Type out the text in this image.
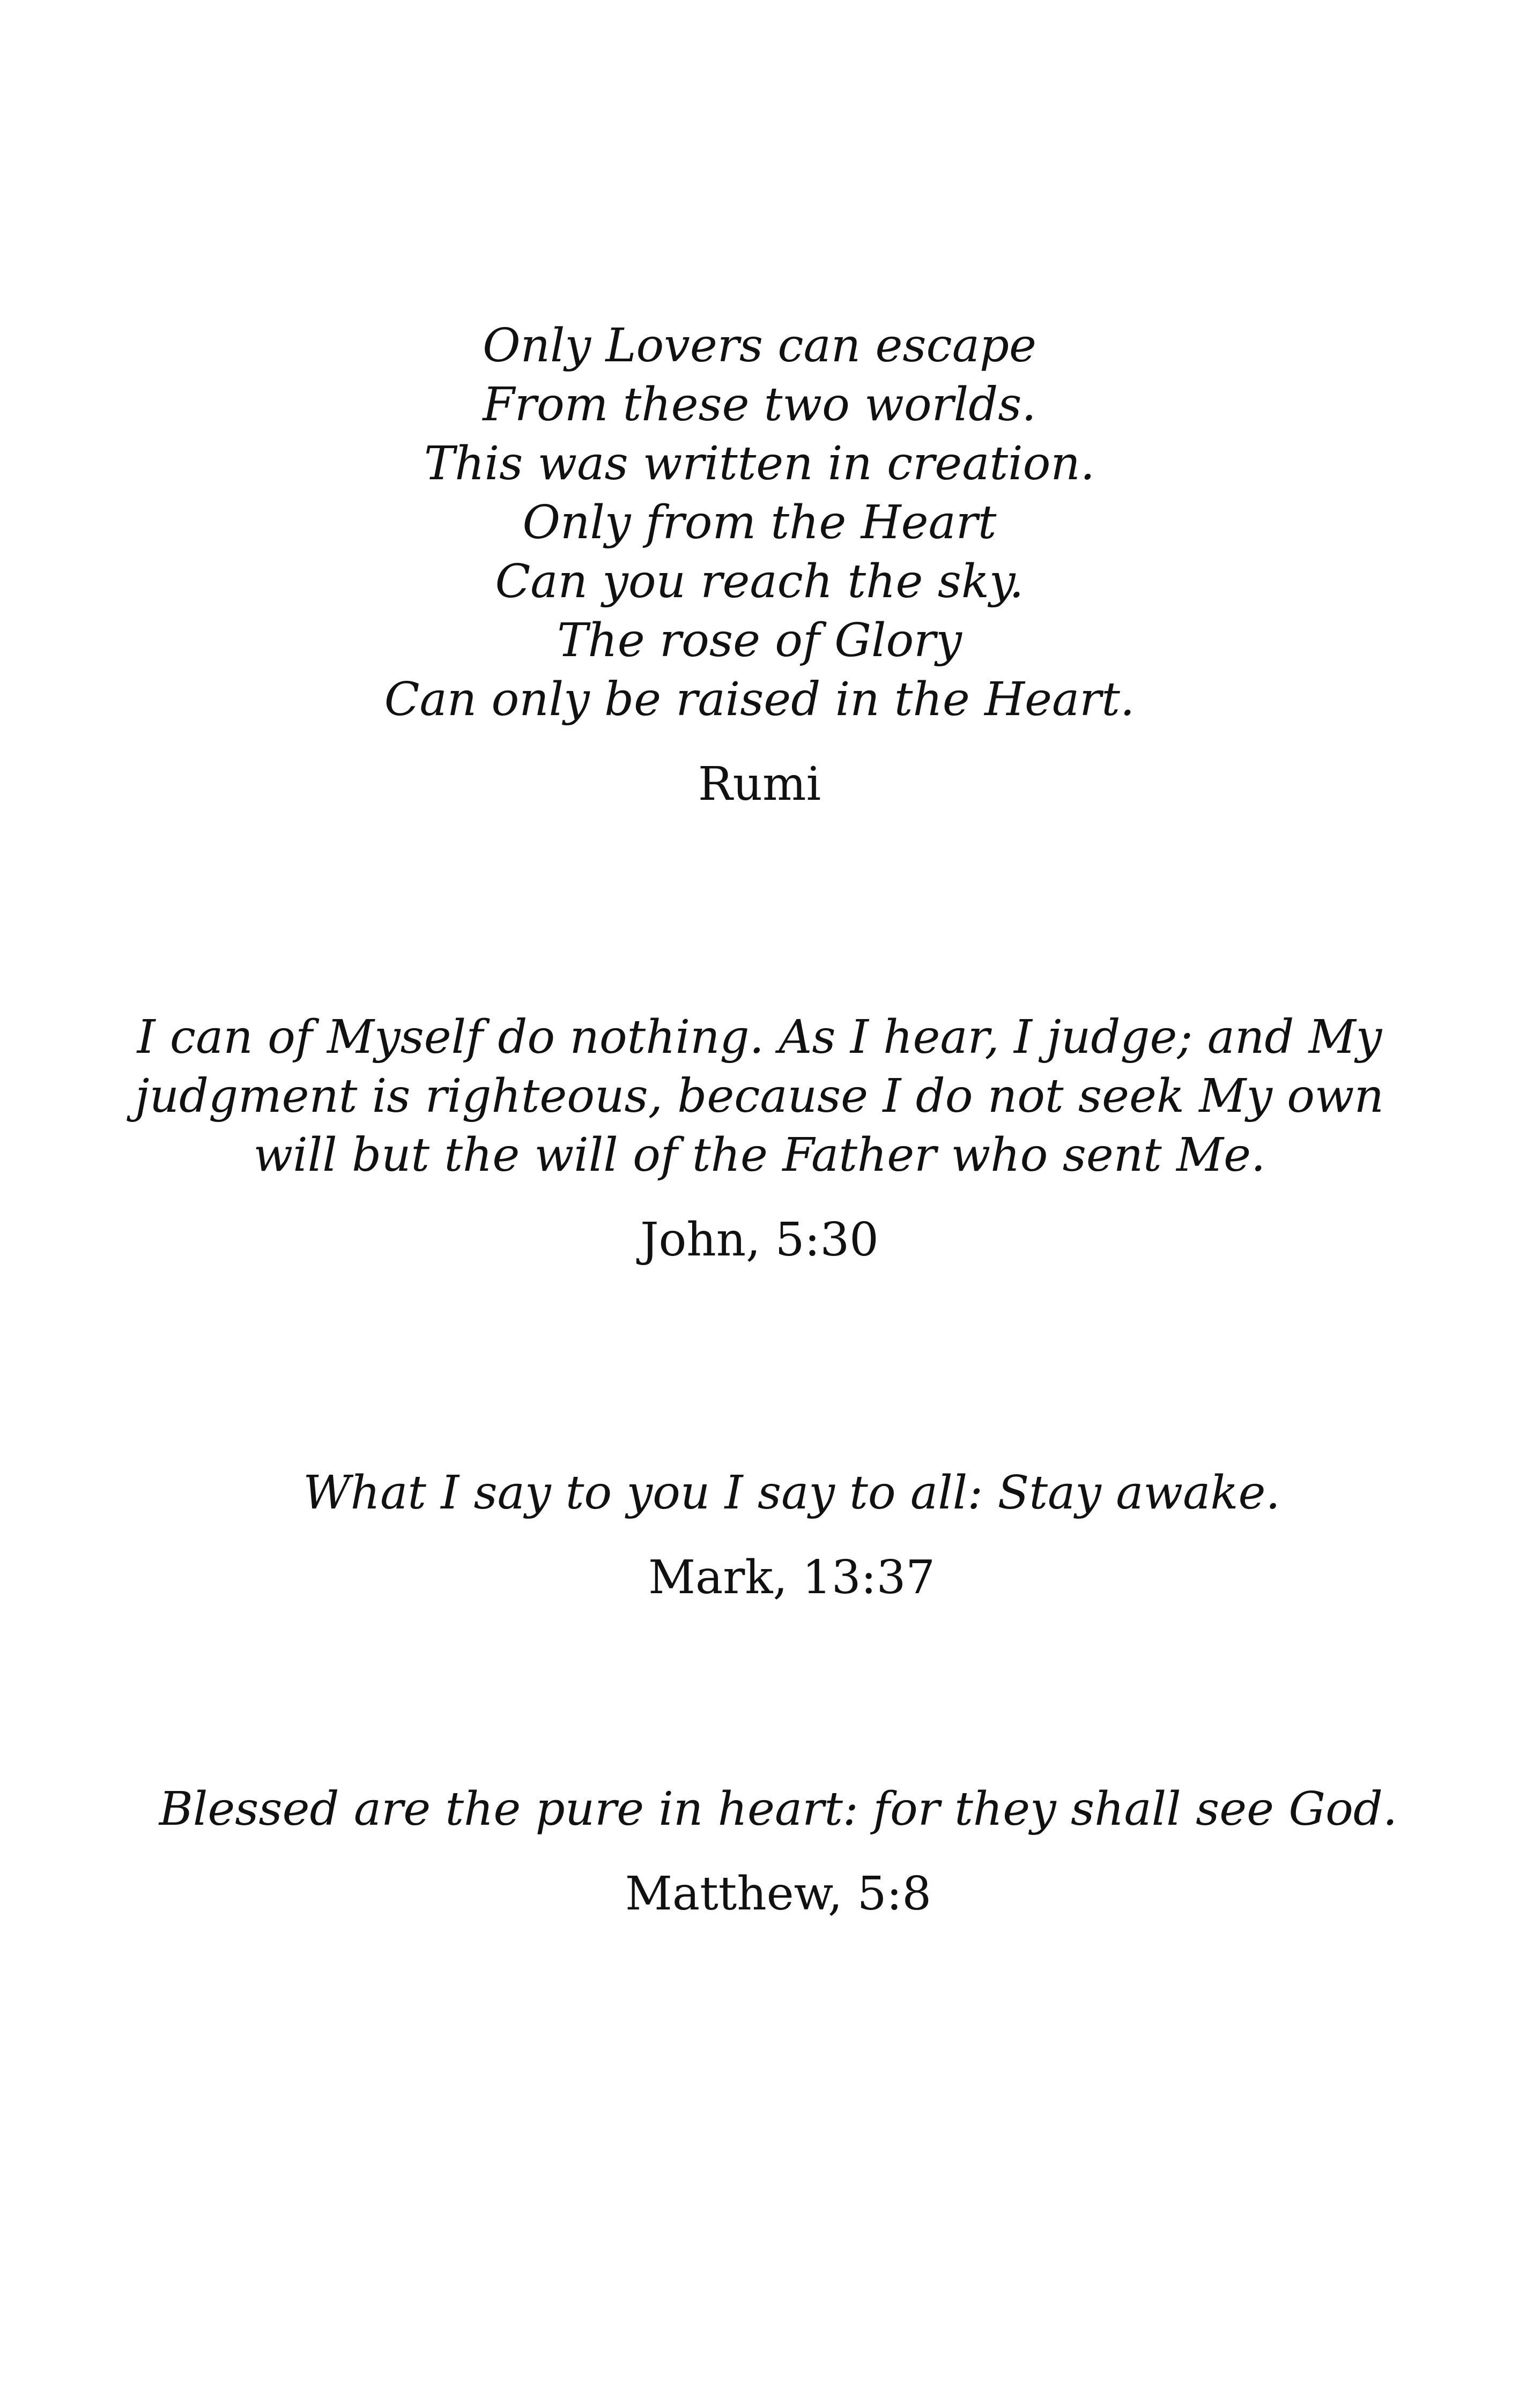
Only Lovers can escape
From these two worlds.
This was written in creation.
Only from the Heart
Can you reach the sky.
The rose of Glory
Can only be raised in the Heart.

Rumi

I can of Myself do nothing. As I hear, I judge; and My
judgment is righteous, because I do not seek My own
will but the will of the Father who sent Me.

John, 5:30

What I say to you I say to all: Stay awake.

Mark, 13:37

Blessed are the pure in heart: for they shall see God.

Matthew, 5:8
